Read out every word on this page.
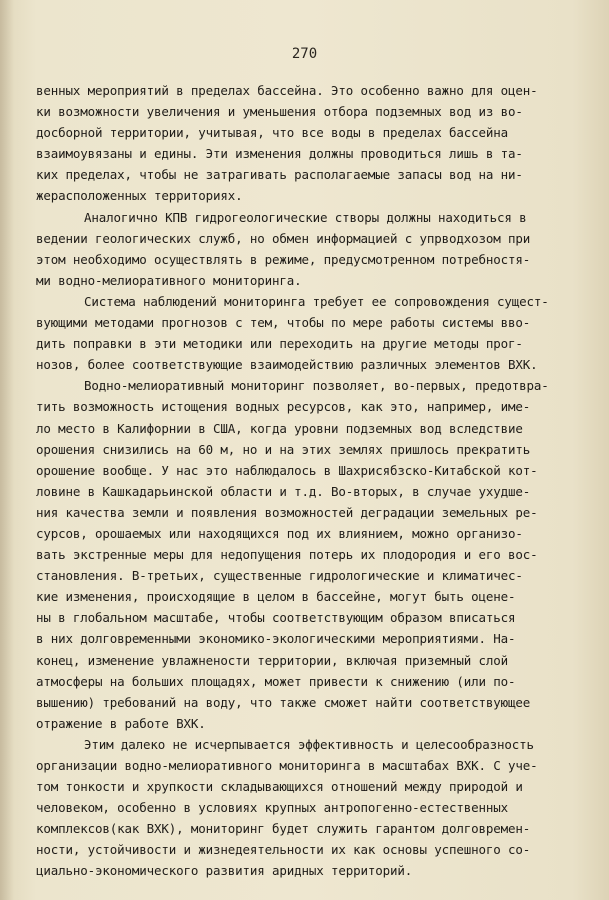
270
венных мероприятий в пределах бассейна. Это особенно важно для оцен-
ки возможности увеличения и уменьшения отбора подземных вод из во-
досборной территории, учитывая, что все воды в пределах бассейна
взаимоувязаны и едины. Эти изменения должны проводиться лишь в та-
ких пределах, чтобы не затрагивать располагаемые запасы вод на ни-
жерасположенных территориях.
Аналогично КПВ гидрогеологические створы должны находиться в
ведении геологических служб, но обмен информацией с упрводхозом при
этом необходимо осуществлять в режиме, предусмотренном потребностя-
ми водно-мелиоративного мониторинга.
Система наблюдений мониторинга требует ее сопровождения сущест-
вующими методами прогнозов с тем, чтобы по мере работы системы вво-
дить поправки в эти методики или переходить на другие методы прог-
нозов, более соответствующие взаимодействию различных элементов ВХК.
Водно-мелиоративный мониторинг позволяет, во-первых, предотвра-
тить возможность истощения водных ресурсов, как это, например, име-
ло место в Калифорнии в США, когда уровни подземных вод вследствие
орошения снизились на 60 м, но и на этих землях пришлось прекратить
орошение вообще. У нас это наблюдалось в Шахрисябзско-Китабской кот-
ловине в Кашкадарьинской области и т.д. Во-вторых, в случае ухудше-
ния качества земли и появления возможностей деградации земельных ре-
сурсов, орошаемых или находящихся под их влиянием, можно организо-
вать экстренные меры для недопущения потерь их плодородия и его вос-
становления. В-третьих, существенные гидрологические и климатичес-
кие изменения, происходящие в целом в бассейне, могут быть оцене-
ны в глобальном масштабе, чтобы соответствующим образом вписаться
в них долговременными экономико-экологическими мероприятиями. На-
конец, изменение увлажнености территории, включая приземный слой
атмосферы на больших площадях, может привести к снижению (или по-
вышению) требований на воду, что также сможет найти соответствующее
отражение в работе ВХК.
Этим далеко не исчерпывается эффективность и целесообразность
организации водно-мелиоративного мониторинга в масштабах ВХК. С уче-
том тонкости и хрупкости складывающихся отношений между природой и
человеком, особенно в условиях крупных антропогенно-естественных
комплексов(как ВХК), мониторинг будет служить гарантом долговремен-
ности, устойчивости и жизнедеятельности их как основы успешного со-
циально-экономического развития аридных территорий.
